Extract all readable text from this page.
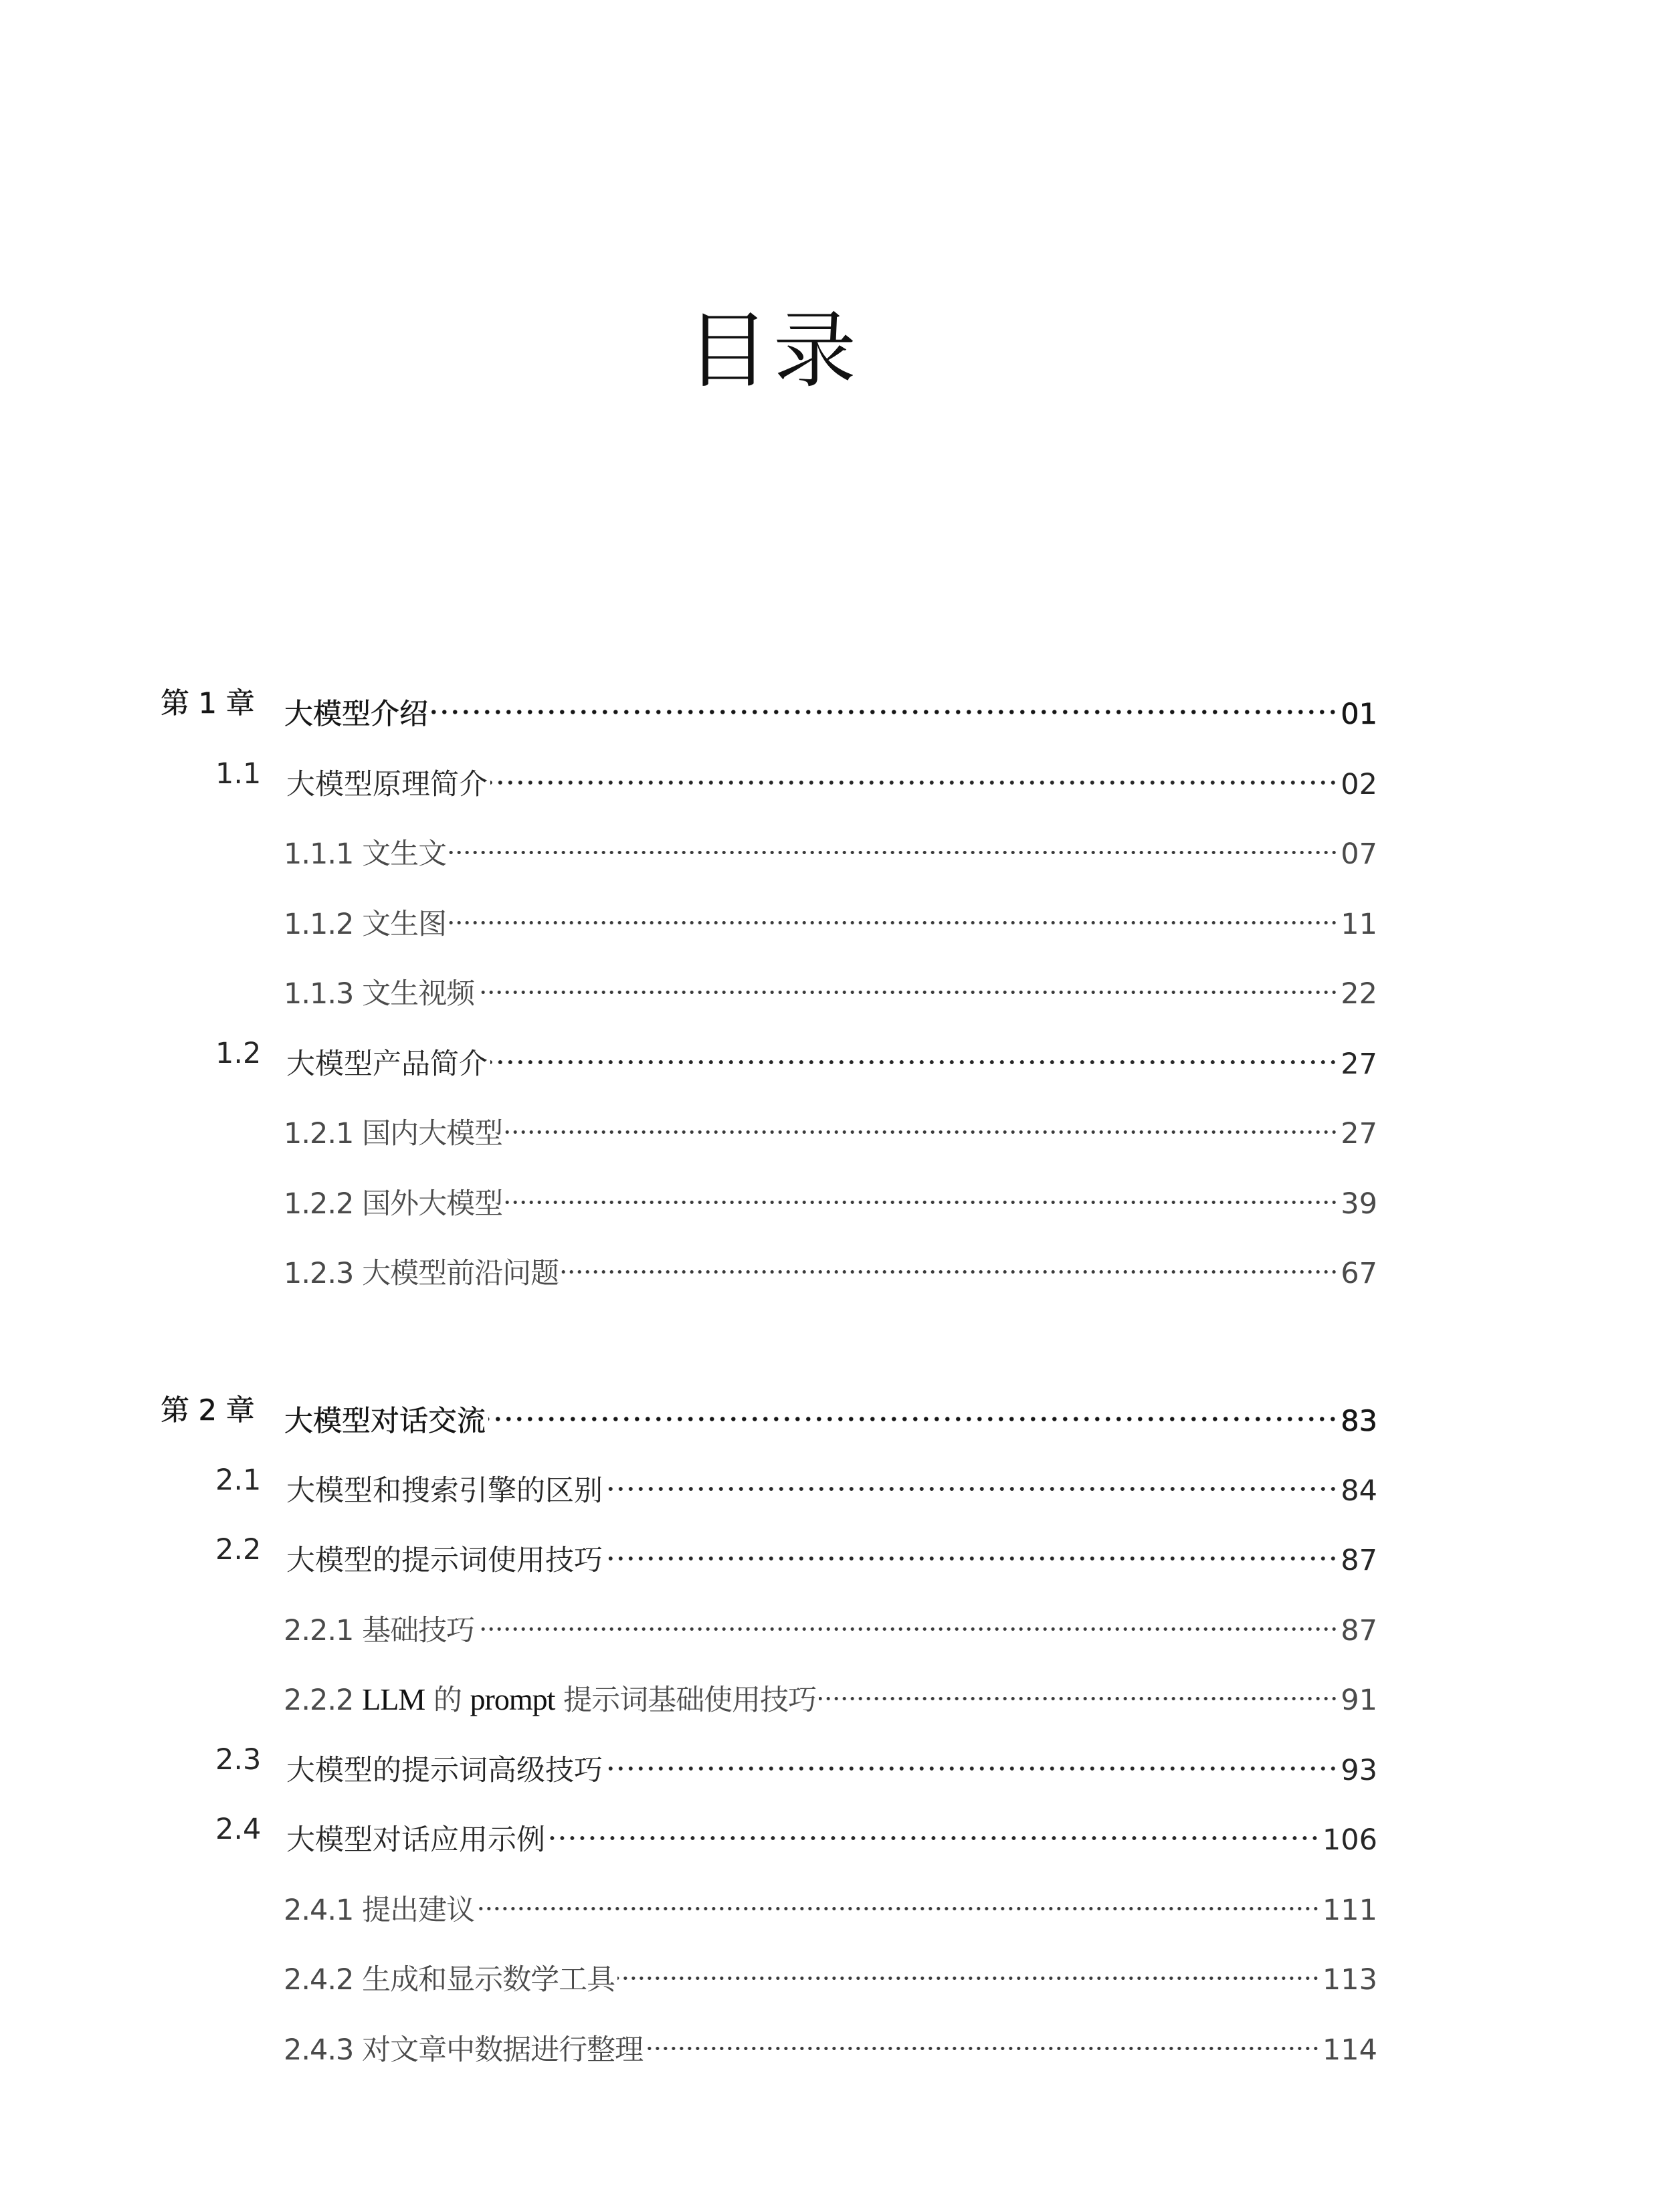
目录
第 1 章 大模型介绍	01
1.1 大模型原理简介	02
1.1.1 文生文	07
1.1.2 文生图	11
1.1.3 文生视频	22
1.2 大模型产品简介	27
1.2.1 国内大模型	27
1.2.2 国外大模型	39
1.2.3 大模型前沿问题	67
第 2 章 大模型对话交流	83
2.1 大模型和搜索引擎的区别	84
2.2 大模型的提示词使用技巧	87
2.2.1 基础技巧	87
2.2.2 LLM 的 prompt 提示词基础使用技巧	91
2.3 大模型的提示词高级技巧	93
2.4 大模型对话应用示例	106
2.4.1 提出建议	111
2.4.2 生成和显示数学工具	113
2.4.3 对文章中数据进行整理	114
